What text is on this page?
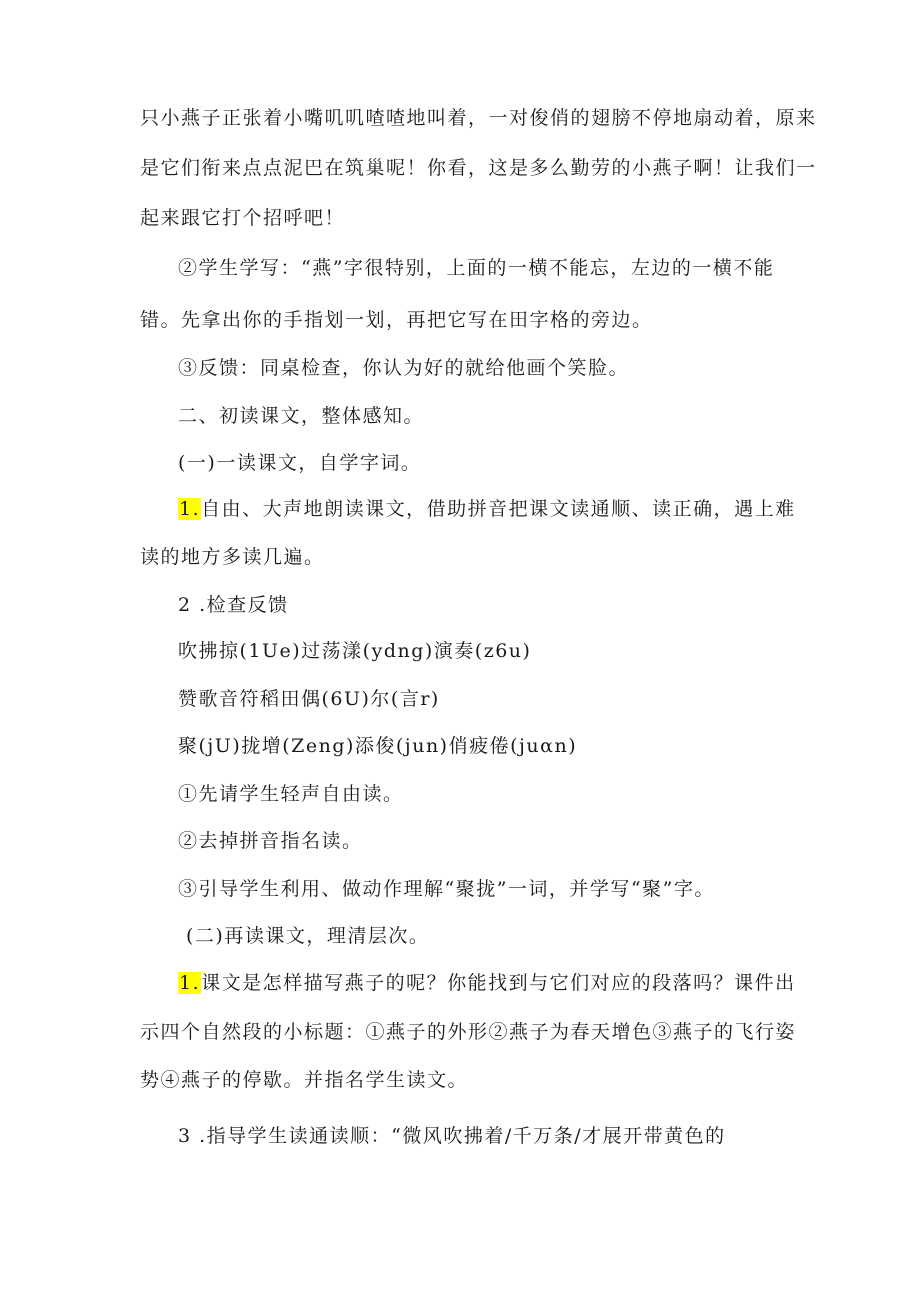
只小燕子正张着小嘴叽叽喳喳地叫着，一对俊俏的翅膀不停地扇动着，原来
是它们衔来点点泥巴在筑巢呢！你看，这是多么勤劳的小燕子啊！让我们一
起来跟它打个招呼吧！
②学生学写：“燕”字很特别，上面的一横不能忘，左边的一横不能
错。先拿出你的手指划一划，再把它写在田字格的旁边。
③反馈：同桌检查，你认为好的就给他画个笑脸。
二、初读课文，整体感知。
(一)一读课文，自学字词。
1.自由、大声地朗读课文，借助拼音把课文读通顺、读正确，遇上难
读的地方多读几遍。
2 .检查反馈
吹拂掠(1Ue)过荡漾(ydng)演奏(z6u)
赞歌音符稻田偶(6U)尔(言r)
聚(jU)拢增(Zeng)添俊(jun)俏疲倦(juαn)
①先请学生轻声自由读。
②去掉拼音指名读。
③引导学生利用、做动作理解“聚拢”一词，并学写“聚”字。
(二)再读课文，理清层次。
1.课文是怎样描写燕子的呢？你能找到与它们对应的段落吗？课件出
示四个自然段的小标题：①燕子的外形②燕子为春天增色③燕子的飞行姿
势④燕子的停歇。并指名学生读文。
3 .指导学生读通读顺：“微风吹拂着/千万条/才展开带黄色的
